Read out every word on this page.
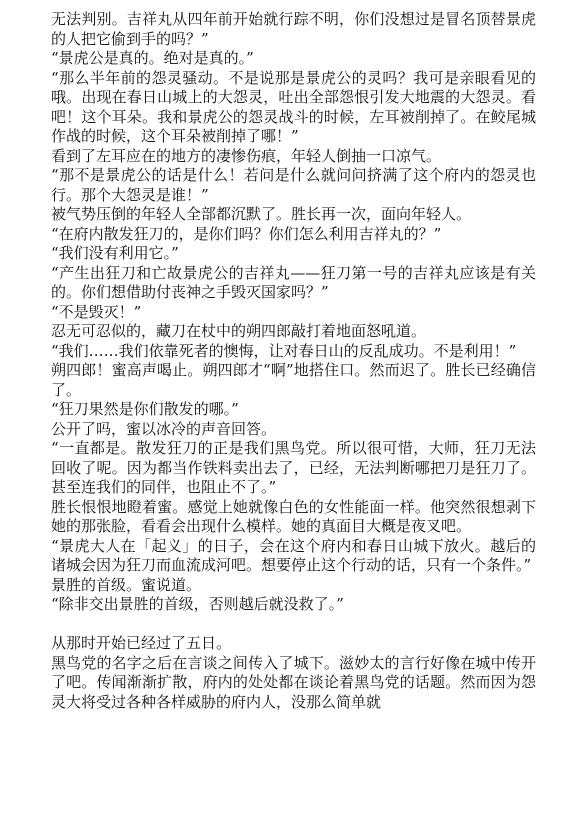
无法判别。吉祥丸从四年前开始就行踪不明，你们没想过是冒名顶替景虎的人把它偷到手的吗？”

“景虎公是真的。绝对是真的。”

“那么半年前的怨灵骚动。不是说那是景虎公的灵吗？我可是亲眼看见的哦。出现在春日山城上的大怨灵，吐出全部怨恨引发大地震的大怨灵。看吧！这个耳朵。我和景虎公的怨灵战斗的时候，左耳被削掉了。在鲛尾城作战的时候，这个耳朵被削掉了哪！”

看到了左耳应在的地方的凄惨伤痕，年轻人倒抽一口凉气。

“那不是景虎公的话是什么！若问是什么就问问挤满了这个府内的怨灵也行。那个大怨灵是谁！”

被气势压倒的年轻人全部都沉默了。胜长再一次，面向年轻人。

“在府内散发狂刀的，是你们吗？你们怎么利用吉祥丸的？”

“我们没有利用它。”

“产生出狂刀和亡故景虎公的吉祥丸——狂刀第一号的吉祥丸应该是有关的。你们想借助付丧神之手毁灭国家吗？”

“不是毁灭！”

忍无可忍似的，藏刀在杖中的朔四郎敲打着地面怒吼道。

“我们……我们依靠死者的懊悔，让对春日山的反乱成功。不是利用！”

朔四郎！蜜高声喝止。朔四郎才“啊”地搭住口。然而迟了。胜长已经确信了。

“狂刀果然是你们散发的哪。”

公开了吗，蜜以冰冷的声音回答。

“一直都是。散发狂刀的正是我们黑鸟党。所以很可惜，大师，狂刀无法回收了呢。因为都当作铁料卖出去了，已经，无法判断哪把刀是狂刀了。甚至连我们的同伴，也阻止不了。”

胜长恨恨地瞪着蜜。感觉上她就像白色的女性能面一样。他突然很想剥下她的那张脸，看看会出现什么模样。她的真面目大概是夜叉吧。

“景虎大人在「起义」的日子，会在这个府内和春日山城下放火。越后的诸城会因为狂刀而血流成河吧。想要停止这个行动的话，只有一个条件。”

景胜的首级。蜜说道。

“除非交出景胜的首级，否则越后就没救了。”

从那时开始已经过了五日。

黑鸟党的名字之后在言谈之间传入了城下。滋妙太的言行好像在城中传开了吧。传闻渐渐扩散，府内的处处都在谈论着黑鸟党的话题。然而因为怨灵大将受过各种各样威胁的府内人，没那么简单就
